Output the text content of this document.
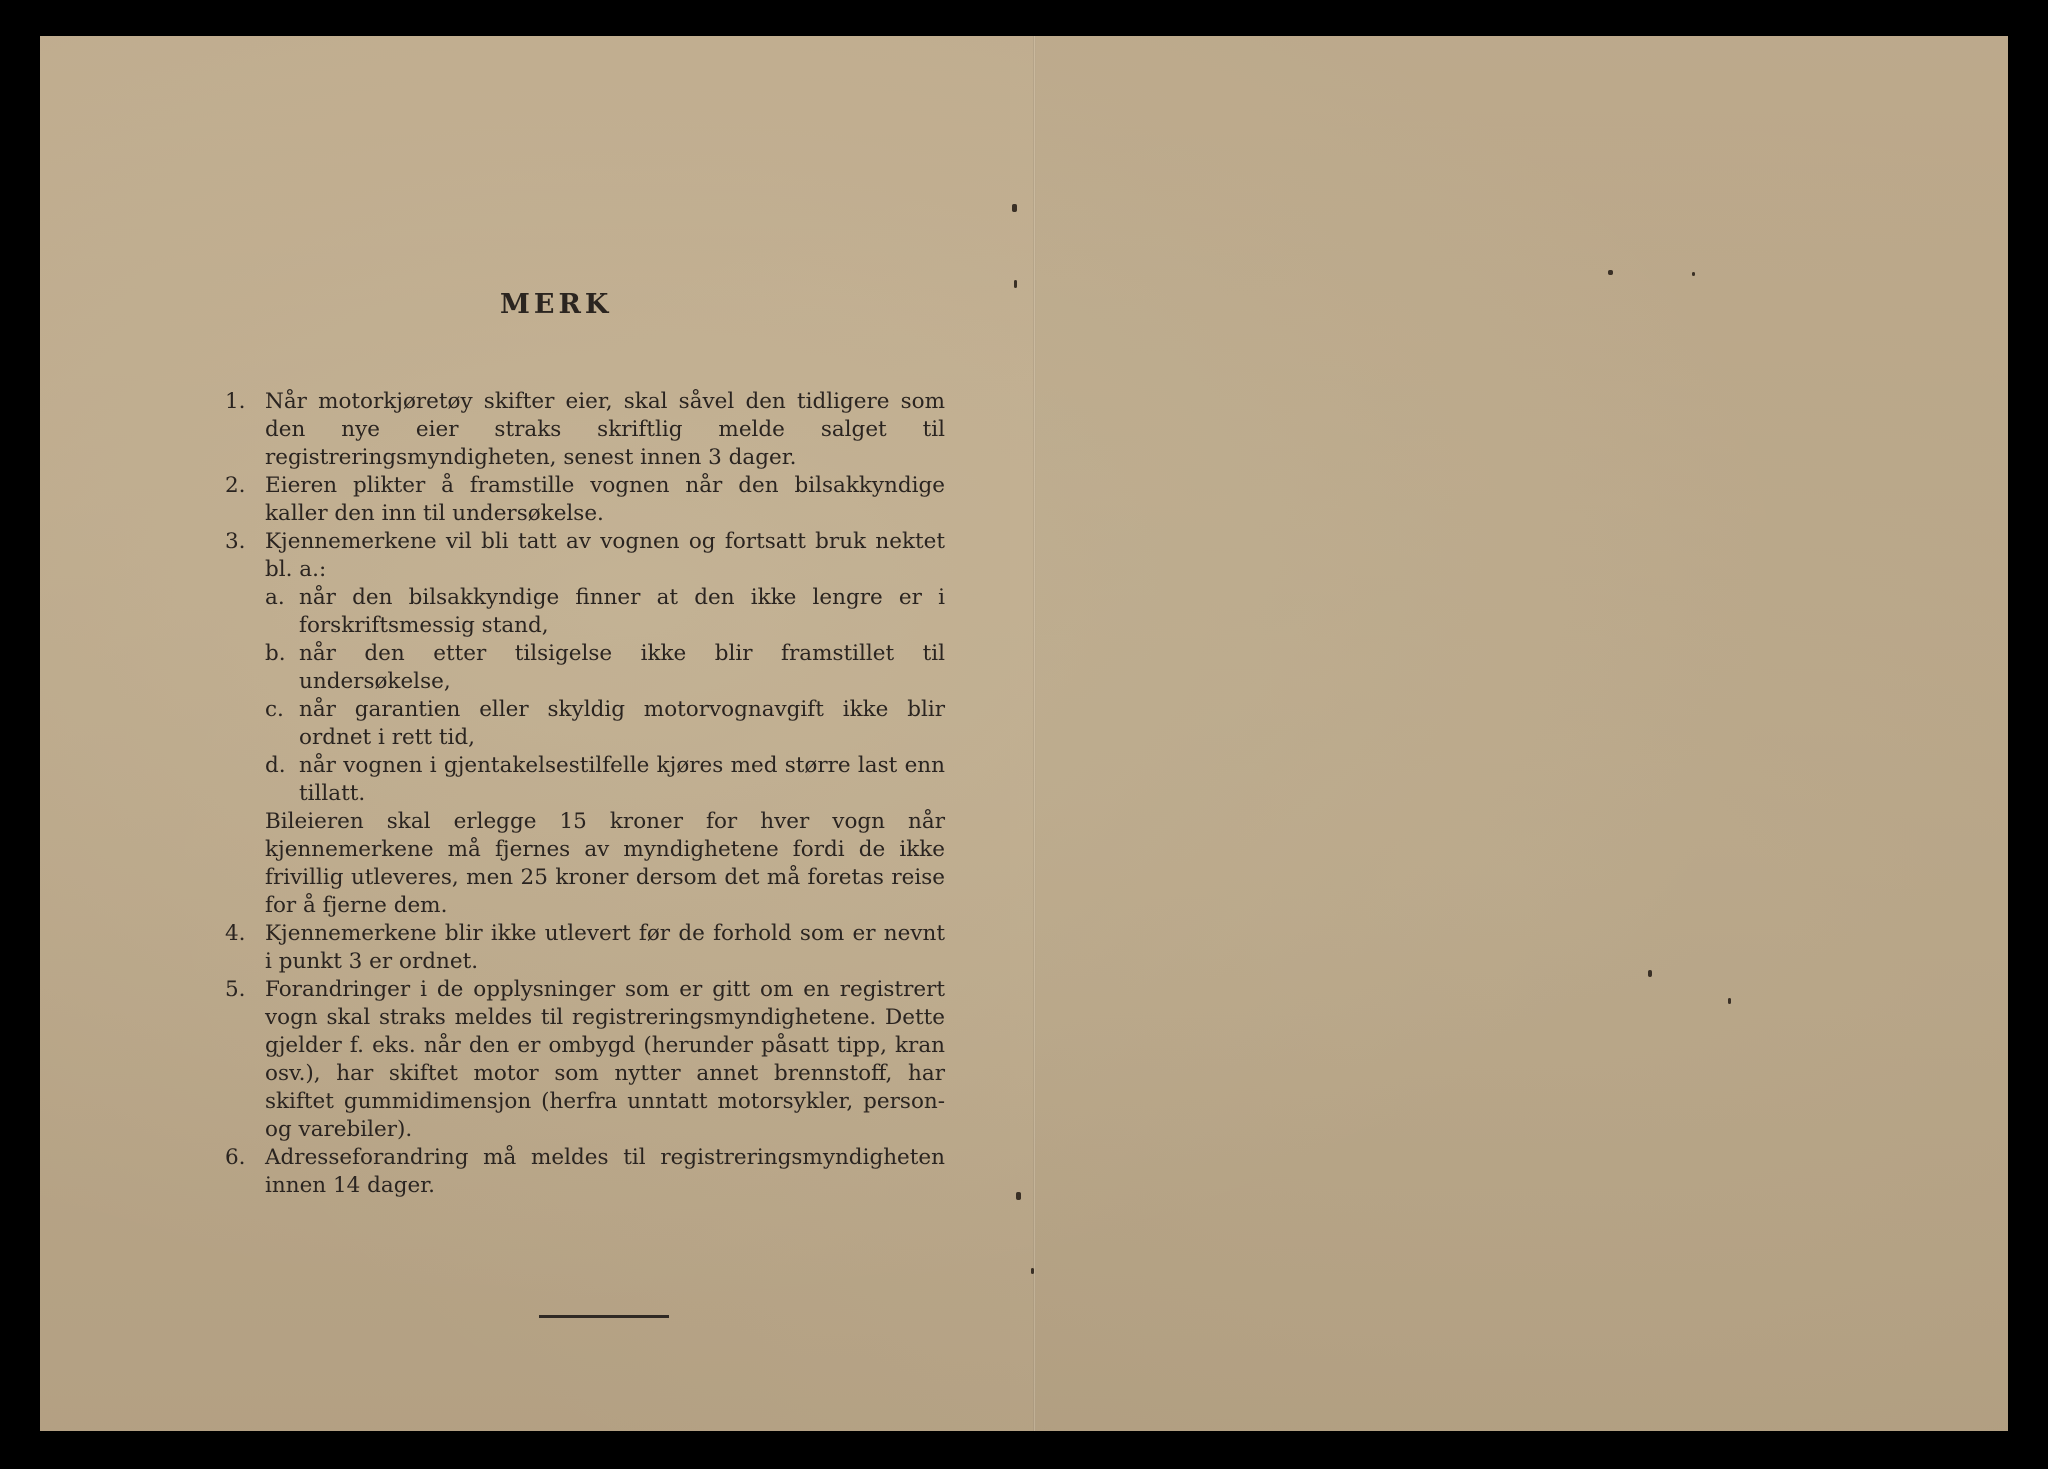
MERK
1. Når motorkjøretøy skifter eier, skal såvel den tidligere som den nye eier straks skriftlig melde salget til registreringsmyndigheten, senest innen 3 dager.
2. Eieren plikter å framstille vognen når den bilsakkyndige kaller den inn til undersøkelse.
3. Kjennemerkene vil bli tatt av vognen og fortsatt bruk nektet bl. a.:
a. når den bilsakkyndige finner at den ikke lengre er i forskriftsmessig stand,
b. når den etter tilsigelse ikke blir framstillet til undersøkelse,
c. når garantien eller skyldig motorvognavgift ikke blir ordnet i rett tid,
d. når vognen i gjentakelsestilfelle kjøres med større last enn tillatt.
Bileieren skal erlegge 15 kroner for hver vogn når kjennemerkene må fjernes av myndighetene fordi de ikke frivillig utleveres, men 25 kroner dersom det må foretas reise for å fjerne dem.
4. Kjennemerkene blir ikke utlevert før de forhold som er nevnt i punkt 3 er ordnet.
5. Forandringer i de opplysninger som er gitt om en registrert vogn skal straks meldes til registreringsmyndighetene. Dette gjelder f. eks. når den er ombygd (herunder påsatt tipp, kran osv.), har skiftet motor som nytter annet brennstoff, har skiftet gummidimensjon (herfra unntatt motorsykler, person- og varebiler).
6. Adresseforandring må meldes til registreringsmyndigheten innen 14 dager.
